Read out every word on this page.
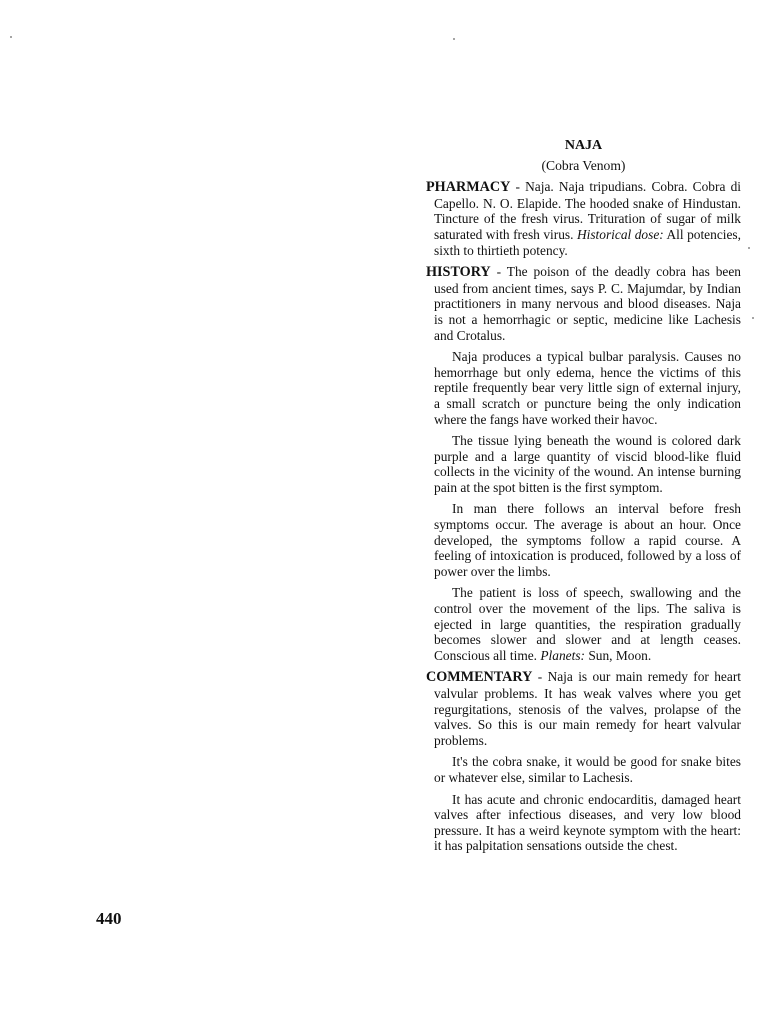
NAJA
(Cobra Venom)

PHARMACY - Naja. Naja tripudians. Cobra. Cobra di Capello. N. O. Elapide. The hooded snake of Hindustan. Tincture of the fresh virus. Trituration of sugar of milk saturated with fresh virus. Historical dose: All potencies, sixth to thirtieth potency.

HISTORY - The poison of the deadly cobra has been used from ancient times, says P. C. Majumdar, by Indian practitioners in many nervous and blood diseases. Naja is not a hemorrhagic or septic, medicine like Lachesis and Crotalus.

Naja produces a typical bulbar paralysis. Causes no hemorrhage but only edema, hence the victims of this reptile frequently bear very little sign of external injury, a small scratch or puncture being the only indication where the fangs have worked their havoc.

The tissue lying beneath the wound is colored dark purple and a large quantity of viscid blood-like fluid collects in the vicinity of the wound. An intense burning pain at the spot bitten is the first symptom.

In man there follows an interval before fresh symptoms occur. The average is about an hour. Once developed, the symptoms follow a rapid course. A feeling of intoxication is produced, followed by a loss of power over the limbs.

The patient is loss of speech, swallowing and the control over the movement of the lips. The saliva is ejected in large quantities, the respiration gradually becomes slower and slower and at length ceases. Conscious all time. Planets: Sun, Moon.

COMMENTARY - Naja is our main remedy for heart valvular problems. It has weak valves where you get regurgitations, stenosis of the valves, prolapse of the valves. So this is our main remedy for heart valvular problems.

It's the cobra snake, it would be good for snake bites or whatever else, similar to Lachesis.

It has acute and chronic endocarditis, damaged heart valves after infectious diseases, and very low blood pressure. It has a weird keynote symptom with the heart: it has palpitation sensations outside the chest.

440
